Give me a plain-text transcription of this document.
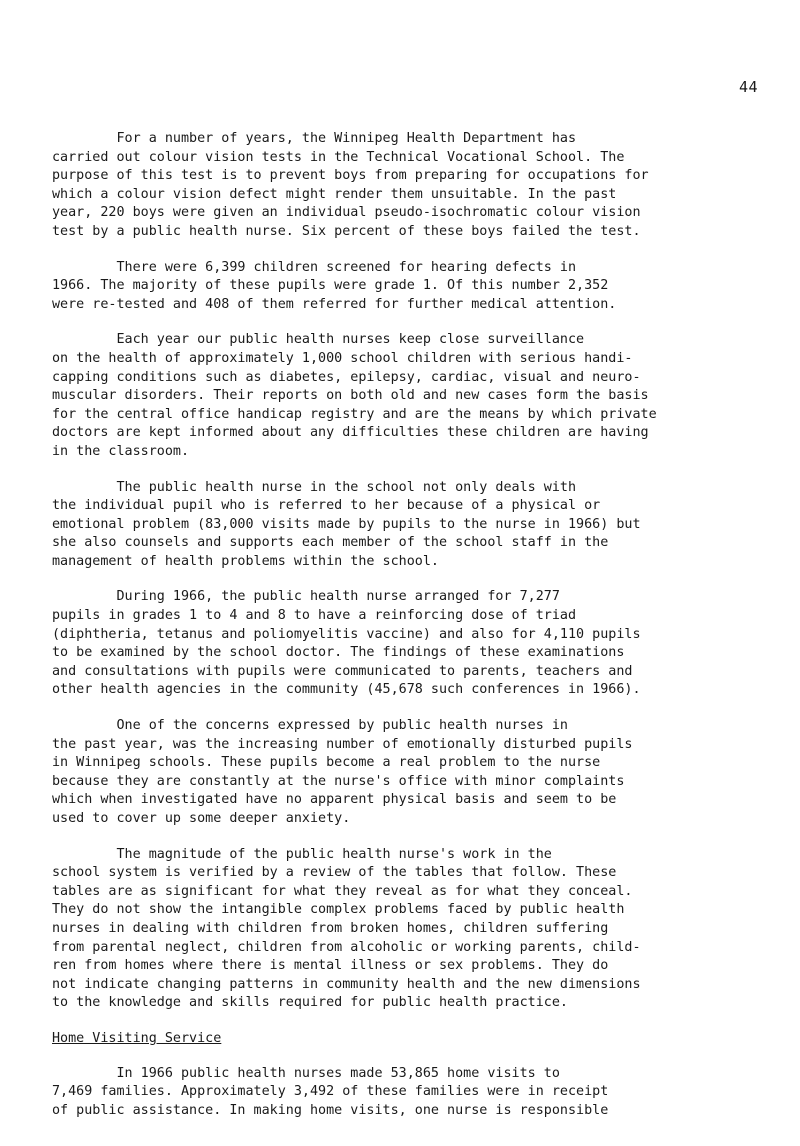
44
For a number of years, the Winnipeg Health Department has
carried out colour vision tests in the Technical Vocational School. The
purpose of this test is to prevent boys from preparing for occupations for
which a colour vision defect might render them unsuitable. In the past
year, 220 boys were given an individual pseudo-isochromatic colour vision
test by a public health nurse. Six percent of these boys failed the test.
There were 6,399 children screened for hearing defects in
1966. The majority of these pupils were grade 1. Of this number 2,352
were re-tested and 408 of them referred for further medical attention.
Each year our public health nurses keep close surveillance
on the health of approximately 1,000 school children with serious handi-
capping conditions such as diabetes, epilepsy, cardiac, visual and neuro-
muscular disorders. Their reports on both old and new cases form the basis
for the central office handicap registry and are the means by which private
doctors are kept informed about any difficulties these children are having
in the classroom.
The public health nurse in the school not only deals with
the individual pupil who is referred to her because of a physical or
emotional problem (83,000 visits made by pupils to the nurse in 1966) but
she also counsels and supports each member of the school staff in the
management of health problems within the school.
During 1966, the public health nurse arranged for 7,277
pupils in grades 1 to 4 and 8 to have a reinforcing dose of triad
(diphtheria, tetanus and poliomyelitis vaccine) and also for 4,110 pupils
to be examined by the school doctor. The findings of these examinations
and consultations with pupils were communicated to parents, teachers and
other health agencies in the community (45,678 such conferences in 1966).
One of the concerns expressed by public health nurses in
the past year, was the increasing number of emotionally disturbed pupils
in Winnipeg schools. These pupils become a real problem to the nurse
because they are constantly at the nurse's office with minor complaints
which when investigated have no apparent physical basis and seem to be
used to cover up some deeper anxiety.
The magnitude of the public health nurse's work in the
school system is verified by a review of the tables that follow. These
tables are as significant for what they reveal as for what they conceal.
They do not show the intangible complex problems faced by public health
nurses in dealing with children from broken homes, children suffering
from parental neglect, children from alcoholic or working parents, child-
ren from homes where there is mental illness or sex problems. They do
not indicate changing patterns in community health and the new dimensions
to the knowledge and skills required for public health practice.
Home Visiting Service
In 1966 public health nurses made 53,865 home visits to
7,469 families. Approximately 3,492 of these families were in receipt
of public assistance. In making home visits, one nurse is responsible
